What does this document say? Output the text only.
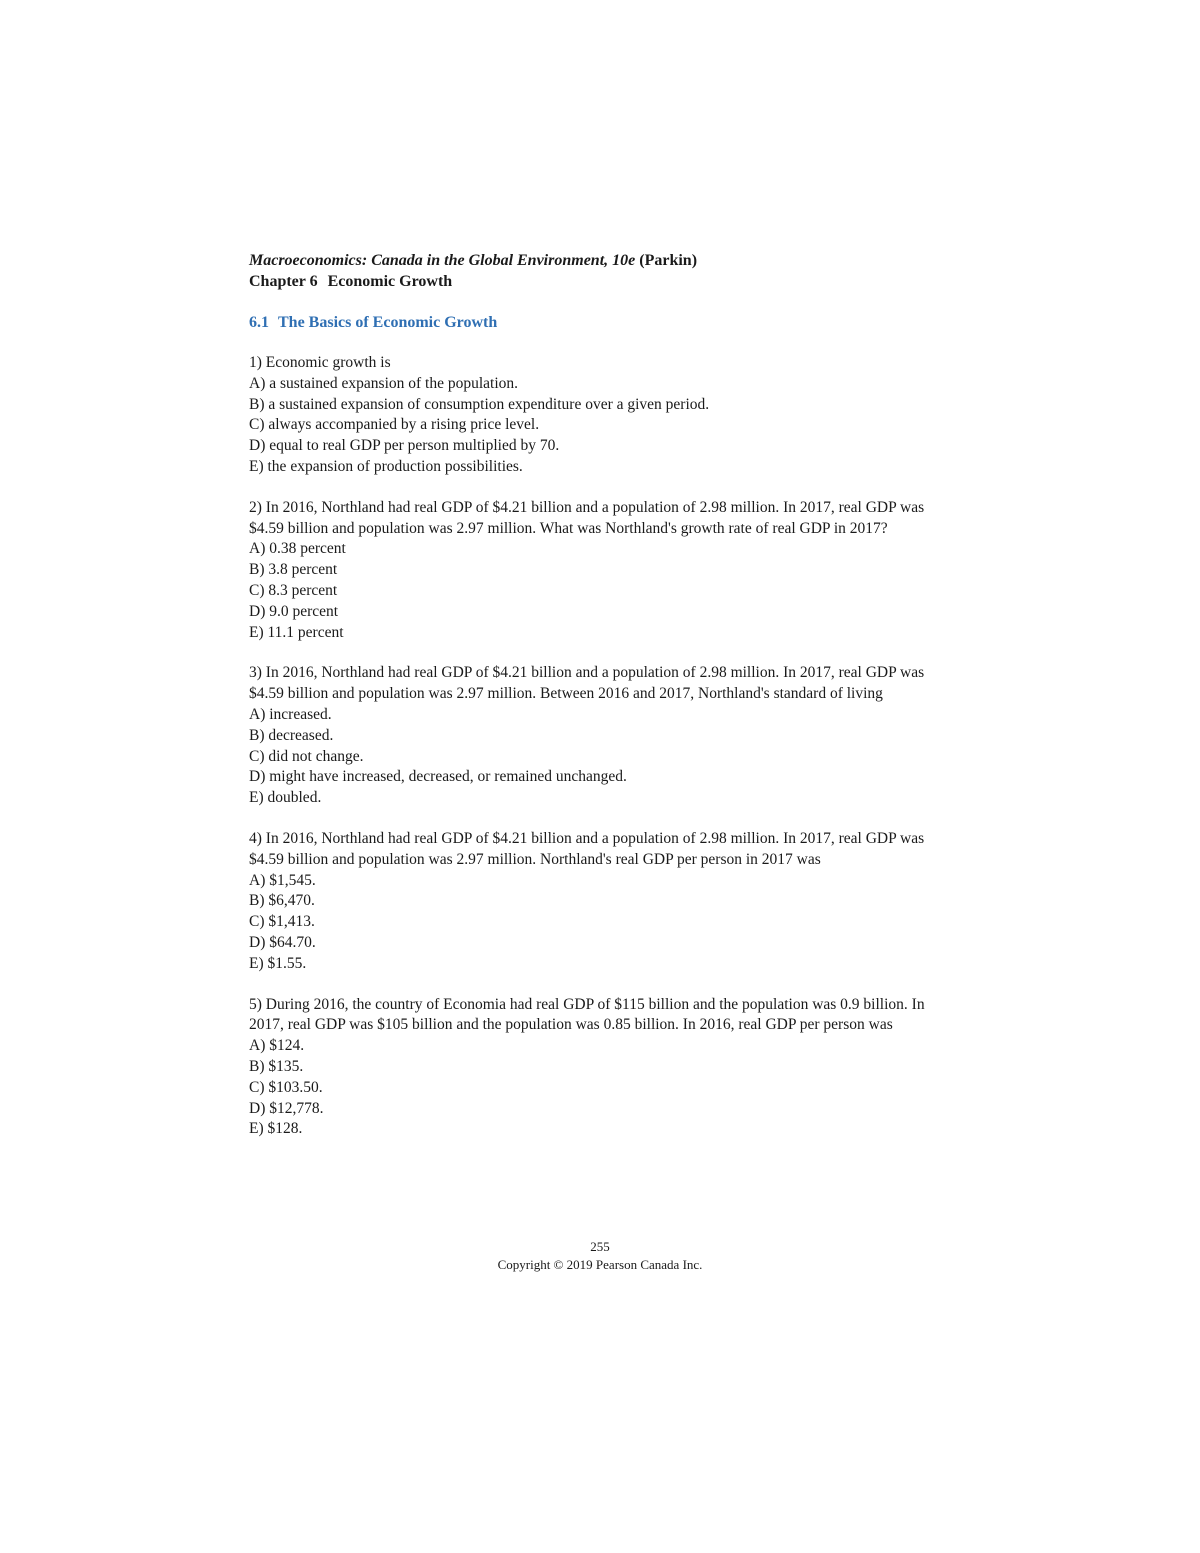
Macroeconomics: Canada in the Global Environment, 10e (Parkin)

Chapter 6 Economic Growth

6.1 The Basics of Economic Growth

1) Economic growth is
A) a sustained expansion of the population.
B) a sustained expansion of consumption expenditure over a given period.
C) always accompanied by a rising price level.
D) equal to real GDP per person multiplied by 70.
E) the expansion of production possibilities.
2) In 2016, Northland had real GDP of $4.21 billion and a population of 2.98 million. In 2017, real GDP was $4.59 billion and population was 2.97 million. What was Northland's growth rate of real GDP in 2017?
A) 0.38 percent
B) 3.8 percent
C) 8.3 percent
D) 9.0 percent
E) 11.1 percent
3) In 2016, Northland had real GDP of $4.21 billion and a population of 2.98 million. In 2017, real GDP was $4.59 billion and population was 2.97 million. Between 2016 and 2017, Northland's standard of living
A) increased.
B) decreased.
C) did not change.
D) might have increased, decreased, or remained unchanged.
E) doubled.
4) In 2016, Northland had real GDP of $4.21 billion and a population of 2.98 million. In 2017, real GDP was $4.59 billion and population was 2.97 million. Northland's real GDP per person in 2017 was
A) $1,545.
B) $6,470.
C) $1,413.
D) $64.70.
E) $1.55.
5) During 2016, the country of Economia had real GDP of $115 billion and the population was 0.9 billion. In 2017, real GDP was $105 billion and the population was 0.85 billion. In 2016, real GDP per person was
A) $124.
B) $135.
C) $103.50.
D) $12,778.
E) $128.
255
Copyright © 2019 Pearson Canada Inc.
